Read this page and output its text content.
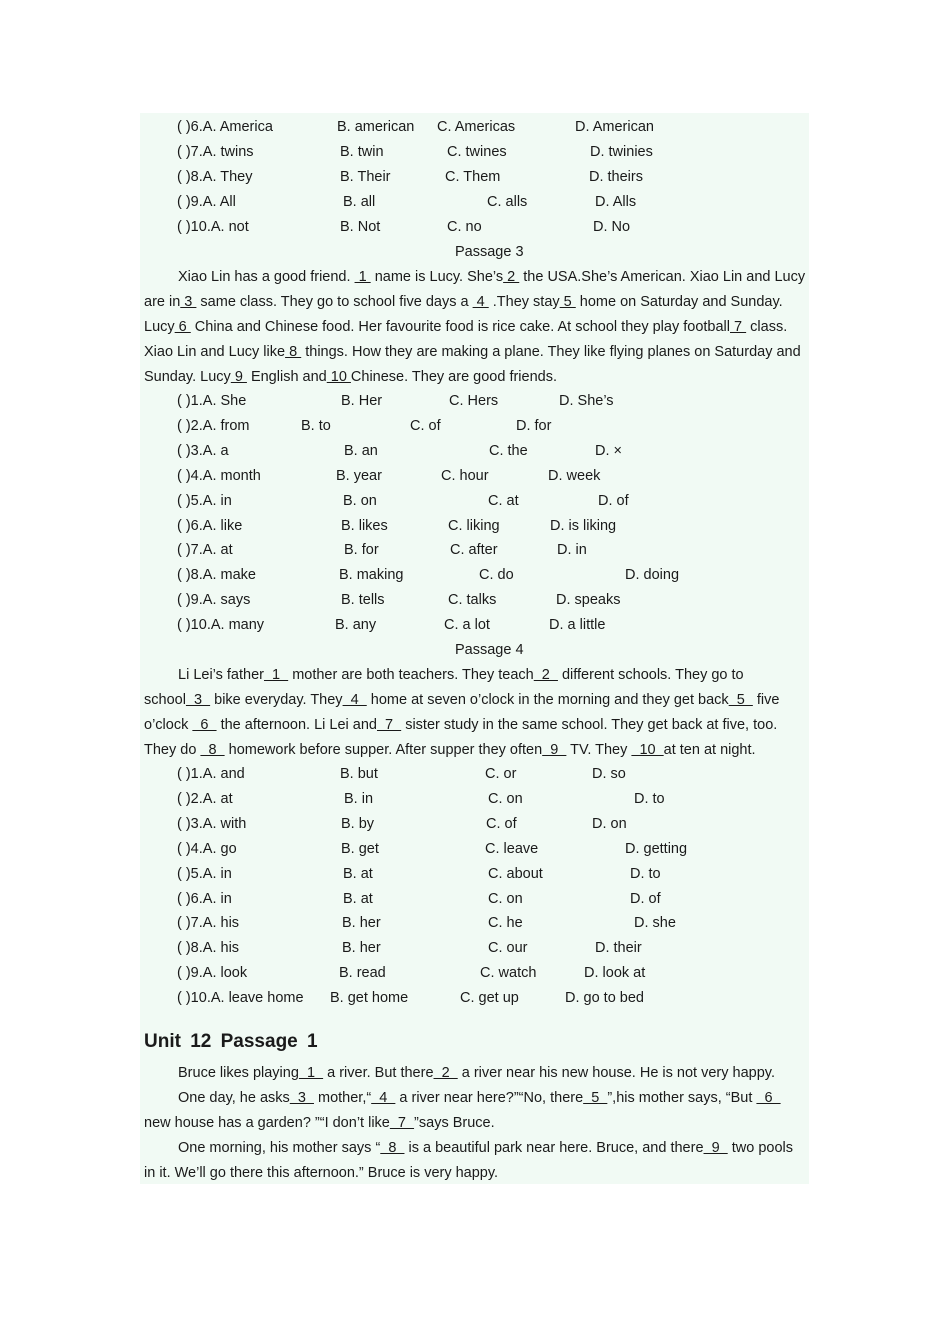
( )6.A. America	B. american C. Americas	D. American
( )7.A. twins	B. twin	C. twines	D. twinies
( )8.A. They	B. Their	C. Them	D. theirs
( )9.A. All	B. all	C. alls	D. Alls
( )10.A. not	B. Not	C. no	D. No
Passage 3

Xiao Lin has a good friend.  1  name is Lucy. She’s 2  the USA.She’s American. Xiao Lin and Lucy are in 3  same class. They go to school five days a  4  .They stay 5  home on Saturday and Sunday. Lucy 6  China and Chinese food. Her favourite food is rice cake. At school they play football 7  class. Xiao Lin and Lucy like 8  things. How they are making a plane. They like flying planes on Saturday and Sunday. Lucy 9  English and 10 Chinese. They are good friends.

( )1.A. She	B. Her	C. Hers	D. She’s
( )2.A. from	B. to	C. of	D. for
( )3.A. a	B. an	C. the	D. ×
( )4.A. month	B. year	C. hour	D. week
( )5.A. in	B. on	C. at	D. of
( )6.A. like	B. likes	C. liking	D. is liking
( )7.A. at	B. for	C. after	D. in
( )8.A. make	B. making	C. do	D. doing
( )9.A. says	B. tells	C. talks	D. speaks
( )10.A. many	B. any	C. a lot	D. a little
Passage 4

Li Lei’s father  1   mother are both teachers. They teach  2   different schools. They go to school  3   bike everyday. They  4   home at seven o’clock in the morning and they get back  5   five o’clock   6   the afternoon. Li Lei and  7   sister study in the same school. They get back at five, too. They do   8   homework before supper. After supper they often  9   TV. They   10  at ten at night.

( )1.A. and	B. but	C. or	D. so
( )2.A. at	B. in	C. on	D. to
( )3.A. with	B. by	C. of	D. on
( )4.A. go	B. get	C. leave	D. getting
( )5.A. in	B. at	C. about	D. to
( )6.A. in	B. at	C. on	D. of
( )7.A. his	B. her	C. he	D. she
( )8.A. his	B. her	C. our	D. their
( )9.A. look	B. read	C. watch	D. look at
( )10.A. leave home B. get home	C. get up	D. go to bed
Unit 12 Passage 1

Bruce likes playing  1   a river. But there  2   a river near his new house. He is not very happy.

One day, he asks  3   mother,“  4   a river near here?”“No, there  5  ”,his mother says, “But   6   new house has a garden? ”“I don’t like  7  ”says Bruce.

One morning, his mother says “  8   is a beautiful park near here. Bruce, and there  9   two pools in it. We’ll go there this afternoon.” Bruce is very happy.
